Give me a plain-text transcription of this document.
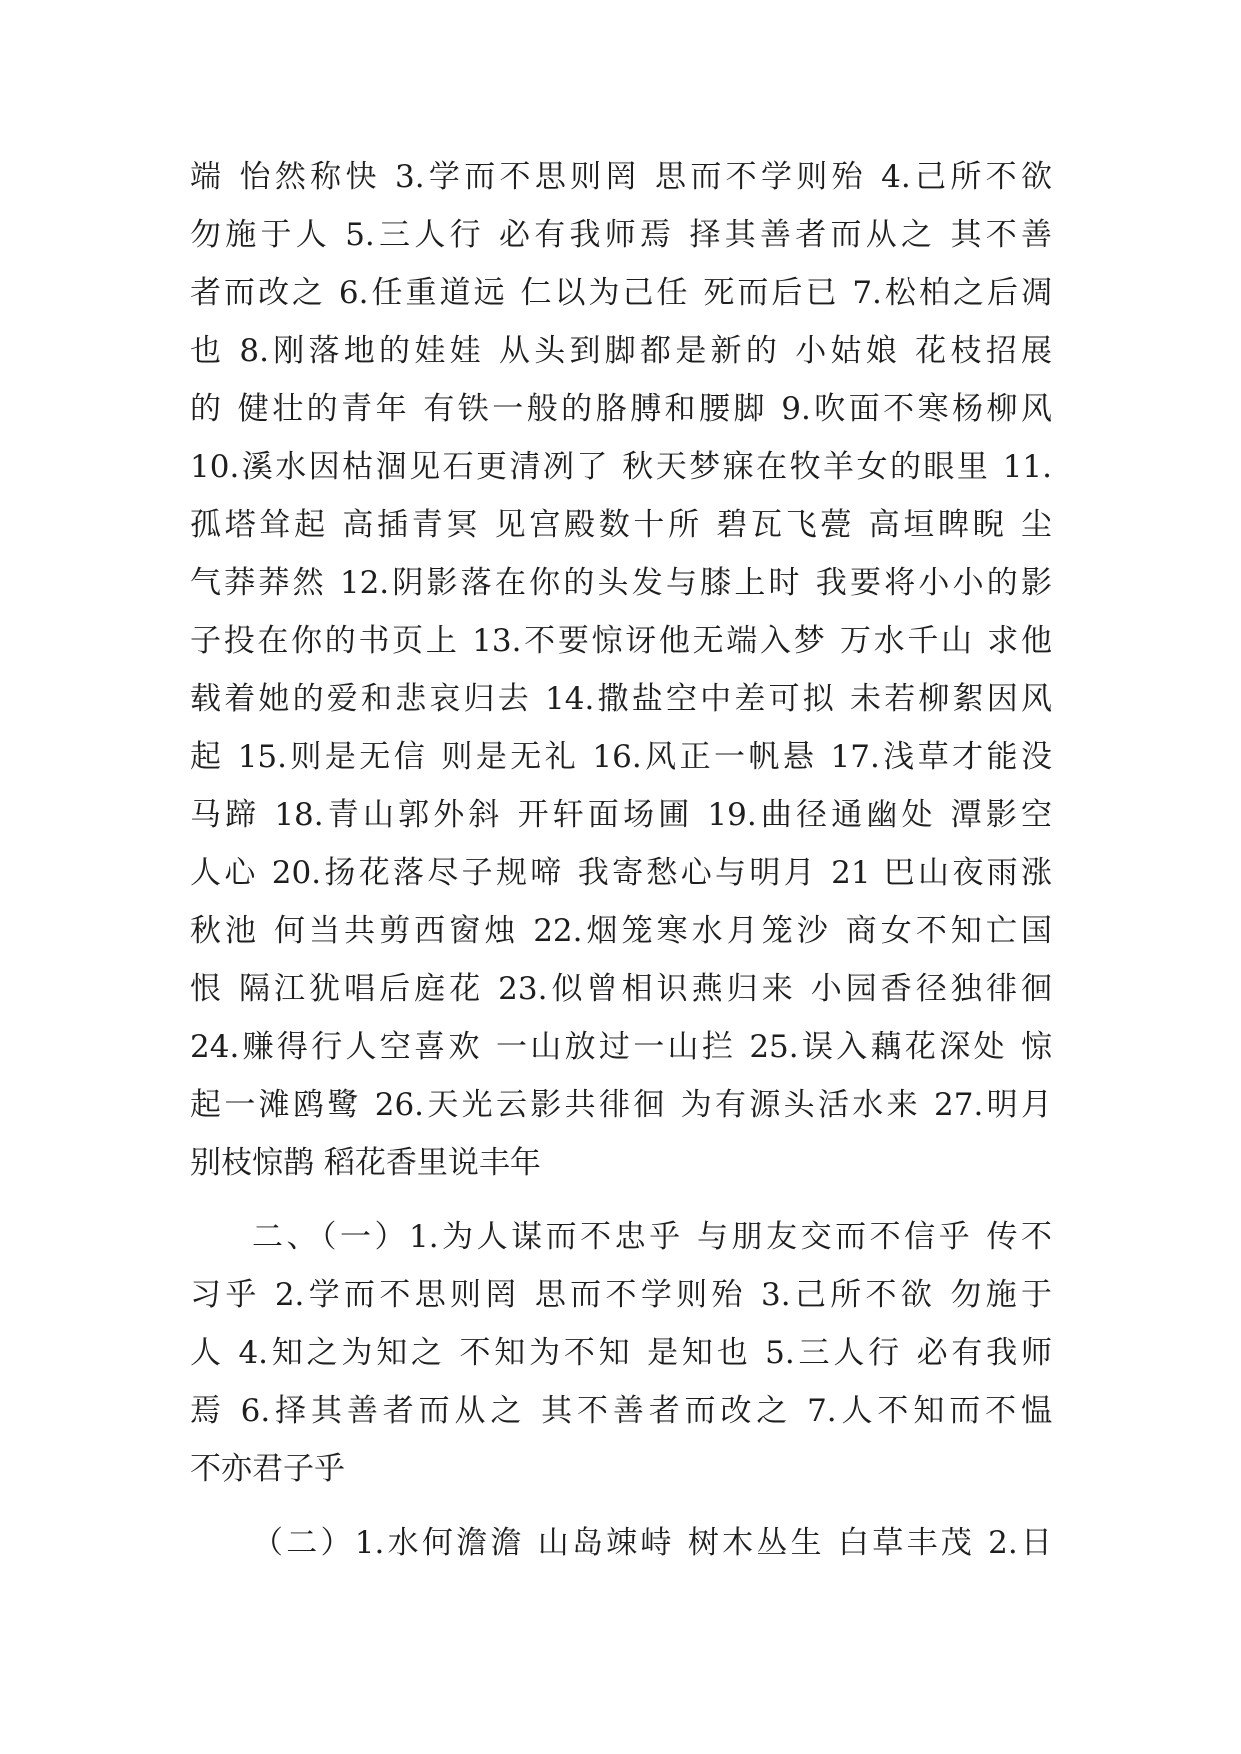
端 怡然称快 3.学而不思则罔 思而不学则殆 4.己所不欲
勿施于人 5.三人行 必有我师焉 择其善者而从之 其不善
者而改之 6.任重道远 仁以为己任 死而后已 7.松柏之后凋
也 8.刚落地的娃娃 从头到脚都是新的 小姑娘 花枝招展
的 健壮的青年 有铁一般的胳膊和腰脚 9.吹面不寒杨柳风
10.溪水因枯涸见石更清冽了 秋天梦寐在牧羊女的眼里 11.
孤塔耸起 高插青冥 见宫殿数十所 碧瓦飞甍 高垣睥睨 尘
气莽莽然 12.阴影落在你的头发与膝上时 我要将小小的影
子投在你的书页上 13.不要惊讶他无端入梦 万水千山 求他
载着她的爱和悲哀归去 14.撒盐空中差可拟 未若柳絮因风
起 15.则是无信 则是无礼 16.风正一帆悬 17.浅草才能没
马蹄 18.青山郭外斜 开轩面场圃 19.曲径通幽处 潭影空
人心 20.扬花落尽子规啼 我寄愁心与明月 21 巴山夜雨涨
秋池 何当共剪西窗烛 22.烟笼寒水月笼沙 商女不知亡国
恨 隔江犹唱后庭花 23.似曾相识燕归来 小园香径独徘徊
24.赚得行人空喜欢 一山放过一山拦 25.误入藕花深处 惊
起一滩鸥鹭 26.天光云影共徘徊 为有源头活水来 27.明月
别枝惊鹊 稻花香里说丰年
二、（一）1.为人谋而不忠乎 与朋友交而不信乎 传不
习乎 2.学而不思则罔 思而不学则殆 3.己所不欲 勿施于
人 4.知之为知之 不知为不知 是知也 5.三人行 必有我师
焉 6.择其善者而从之 其不善者而改之 7.人不知而不愠
不亦君子乎
（二）1.水何澹澹 山岛竦峙 树木丛生 白草丰茂 2.日
